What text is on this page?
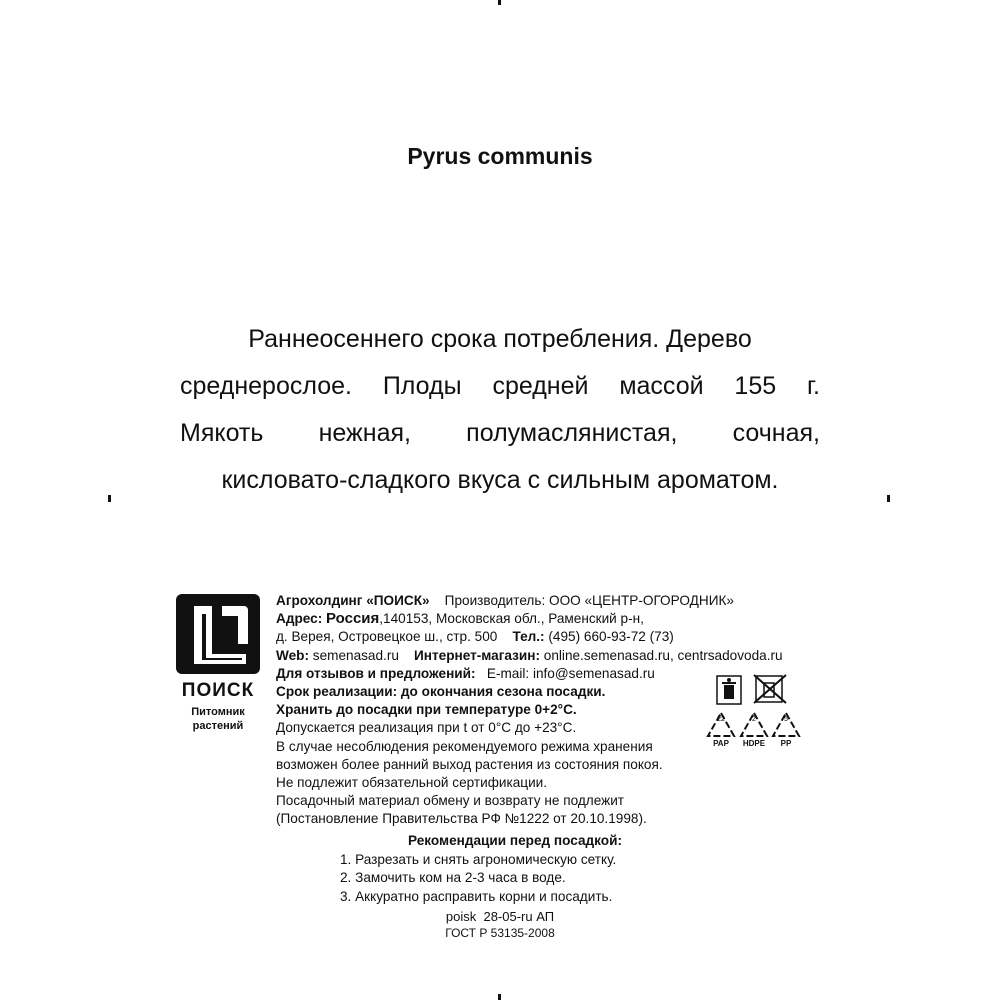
Pyrus communis
Раннеосеннего срока потребления. Дерево
среднерослое. Плоды средней массой 155 г.
Мякоть нежная, полумаслянистая, сочная,
кисловато-сладкого вкуса с сильным ароматом.
ПОИСК
Питомник
растений
Агрохолдинг «ПОИСК» Производитель: ООО «ЦЕНТР-ОГОРОДНИК»
Адрес: Россия,140153, Московская обл., Раменский р-н,
д. Верея, Островецкое ш., стр. 500 Тел.: (495) 660-93-72 (73)
Web: semenasad.ru Интернет-магазин: online.semenasad.ru, centrsadovoda.ru
Для отзывов и предложений: E-mail: info@semenasad.ru
Срок реализации: до окончания сезона посадки.
Хранить до посадки при температуре 0+2°С.
Допускается реализация при t от 0°С до +23°С.
В случае несоблюдения рекомендуемого режима хранения
возможен более ранний выход растения из состояния покоя.
Не подлежит обязательной сертификации.
Посадочный материал обмену и возврату не подлежит
(Постановление Правительства РФ №1222 от 20.10.1998).
22	2	5
PAP	HDPE	PP
Рекомендации перед посадкой:
1. Разрезать и снять агрономическую сетку.
2. Замочить ком на 2-3 часа в воде.
3. Аккуратно расправить корни и посадить.
poisk  28-05-ru АП
ГОСТ Р 53135-2008
